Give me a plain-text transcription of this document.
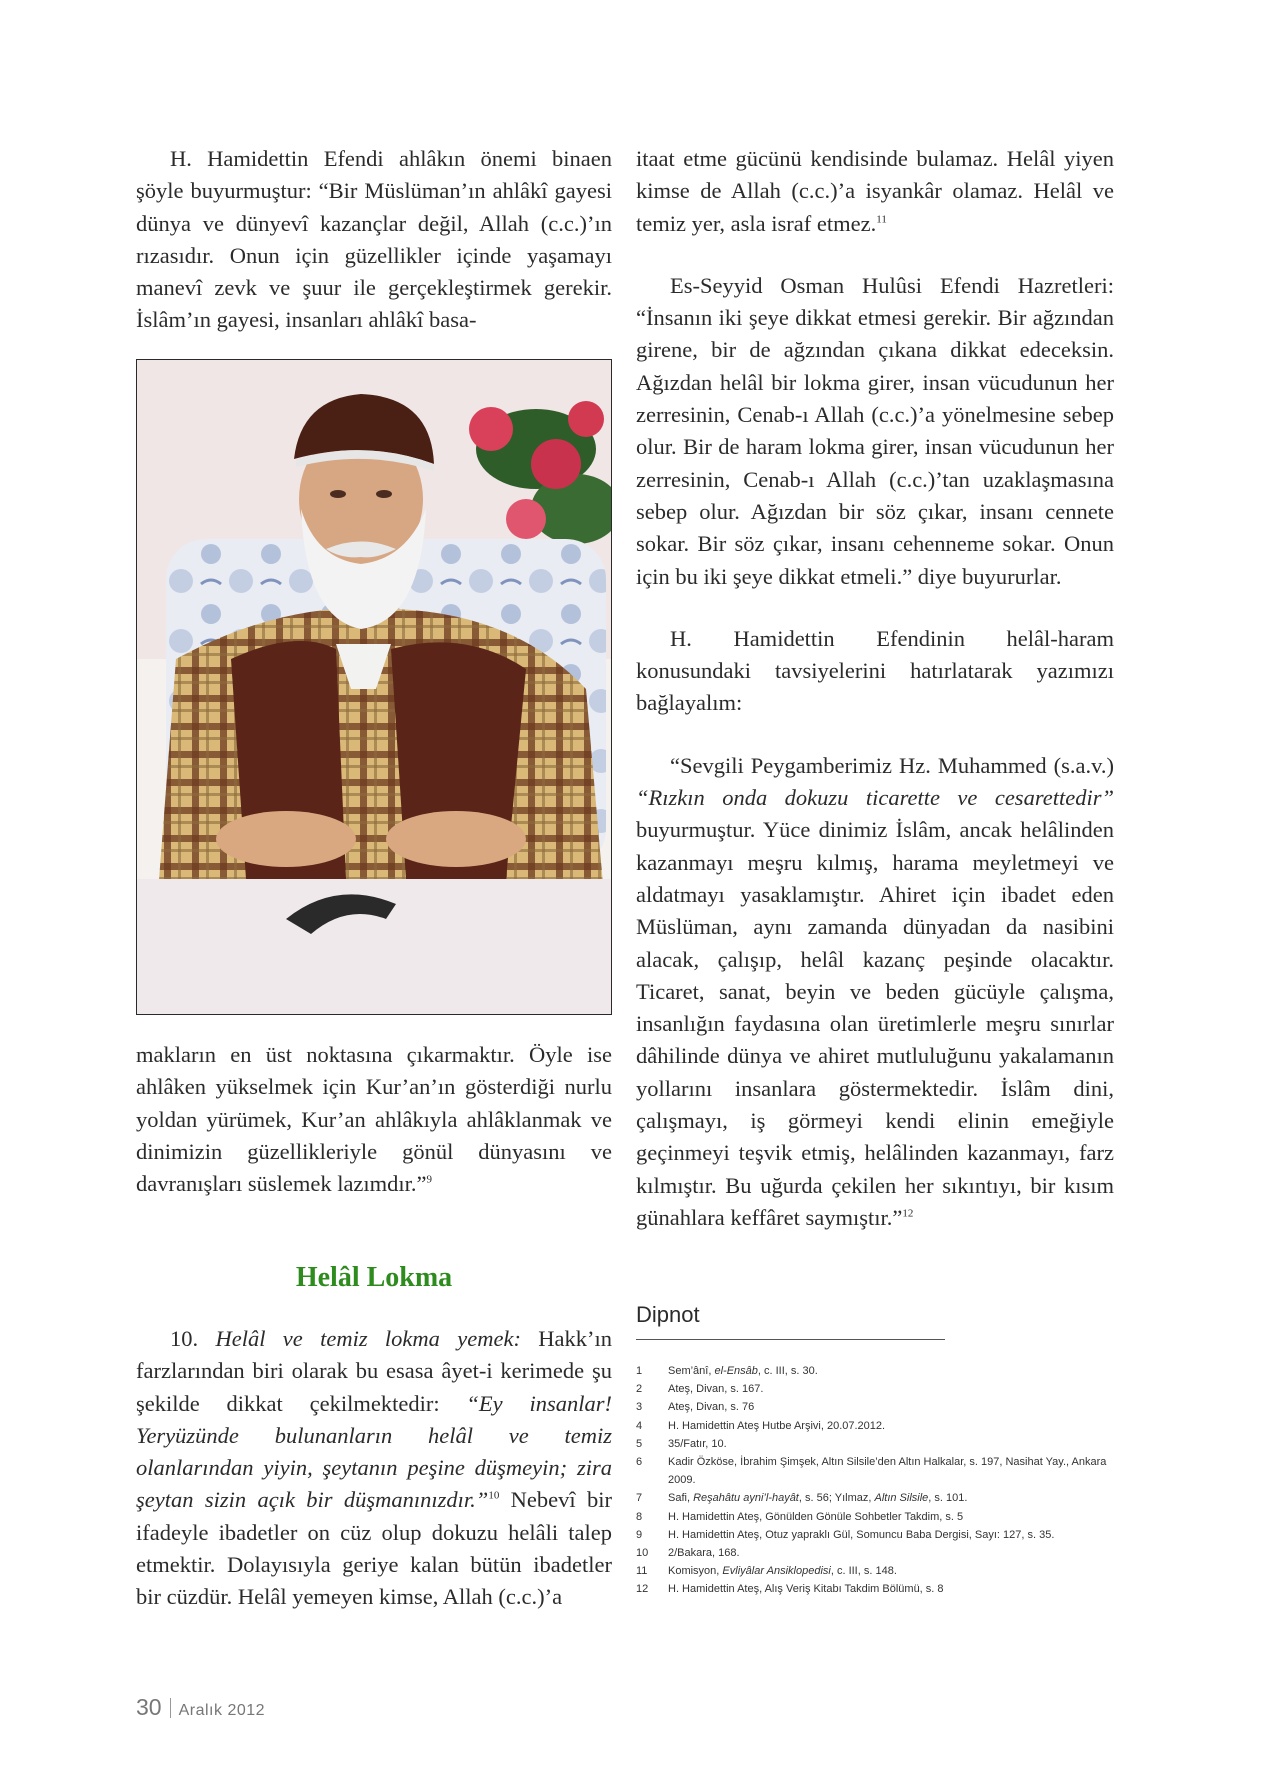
H. Hamidettin Efendi ahlâkın önemi binaen şöyle buyurmuştur: “Bir Müslüman’ın ahlâkî gayesi dünya ve dünyevî kazançlar değil, Allah (c.c.)’ın rızasıdır. Onun için güzellikler içinde yaşamayı manevî zevk ve şuur ile gerçekleştirmek gerekir. İslâm’ın gayesi, insanları ahlâkî basa-

makların en üst noktasına çıkarmaktır. Öyle ise ahlâken yükselmek için Kur’an’ın gösterdiği nurlu yoldan yürümek, Kur’an ahlâkıyla ahlâklanmak ve dinimizin güzellikleriyle gönül dünyasını ve davranışları süslemek lazımdır.”$^9$

Helâl Lokma

10. Helâl ve temiz lokma yemek: Hakk’ın farzlarından biri olarak bu esasa âyet-i kerimede şu şekilde dikkat çekilmektedir: “Ey insanlar! Yeryüzünde bulunanların helâl ve temiz olanlarından yiyin, şeytanın peşine düşmeyin; zira şeytan sizin açık bir düşmanınızdır.”$^{10}$ Nebevî bir ifadeyle ibadetler on cüz olup dokuzu helâli talep etmektir. Dolayısıyla geriye kalan bütün ibadetler bir cüzdür. Helâl yemeyen kimse, Allah (c.c.)’a

itaat etme gücünü kendisinde bulamaz. Helâl yiyen kimse de Allah (c.c.)’a isyankâr olamaz. Helâl ve temiz yer, asla israf etmez.$^{11}$

Es-Seyyid Osman Hulûsi Efendi Hazretleri: “İnsanın iki şeye dikkat etmesi gerekir. Bir ağzından girene, bir de ağzından çıkana dikkat edeceksin. Ağızdan helâl bir lokma girer, insan vücudunun her zerresinin, Cenab-ı Allah (c.c.)’a yönelmesine sebep olur. Bir de haram lokma girer, insan vücudunun her zerresinin, Cenab-ı Allah (c.c.)’tan uzaklaşmasına sebep olur. Ağızdan bir söz çıkar, insanı cennete sokar. Bir söz çıkar, insanı cehenneme sokar. Onun için bu iki şeye dikkat etmeli.” diye buyururlar.

H. Hamidettin Efendinin helâl-haram konusundaki tavsiyelerini hatırlatarak yazımızı bağlayalım:

“Sevgili Peygamberimiz Hz. Muhammed (s.a.v.) “Rızkın onda dokuzu ticarette ve cesarettedir” buyurmuştur. Yüce dinimiz İslâm, ancak helâlinden kazanmayı meşru kılmış, harama meyletmeyi ve aldatmayı yasaklamıştır. Ahiret için ibadet eden Müslüman, aynı zamanda dünyadan da nasibini alacak, çalışıp, helâl kazanç peşinde olacaktır. Ticaret, sanat, beyin ve beden gücüyle çalışma, insanlığın faydasına olan üretimlerle meşru sınırlar dâhilinde dünya ve ahiret mutluluğunu yakalamanın yollarını insanlara göstermektedir. İslâm dini, çalışmayı, iş görmeyi kendi elinin emeğiyle geçinmeyi teşvik etmiş, helâlinden kazanmayı, farz kılmıştır. Bu uğurda çekilen her sıkıntıyı, bir kısım günahlara keffâret saymıştır.”$^{12}$

Dipnot
1	Sem’ânî, el-Ensâb, c. III, s. 30.
2	Ateş, Divan, s. 167.
3	Ateş, Divan, s. 76
4	H. Hamidettin Ateş Hutbe Arşivi, 20.07.2012.
5	35/Fatır, 10.
6	Kadir Özköse, İbrahim Şimşek, Altın Silsile’den Altın Halkalar, s. 197, Nasihat Yay., Ankara 2009.
7	Safi, Reşahâtu ayni’l-hayât, s. 56; Yılmaz, Altın Silsile, s. 101.
8	H. Hamidettin Ateş, Gönülden Gönüle Sohbetler Takdim, s. 5
9	H. Hamidettin Ateş, Otuz yapraklı Gül, Somuncu Baba Dergisi, Sayı: 127, s. 35.
10	2/Bakara, 168.
11	Komisyon, Evliyâlar Ansiklopedisi, c. III, s. 148.
12	H. Hamidettin Ateş, Alış Veriş Kitabı Takdim Bölümü, s. 8
30 Aralık 2012
